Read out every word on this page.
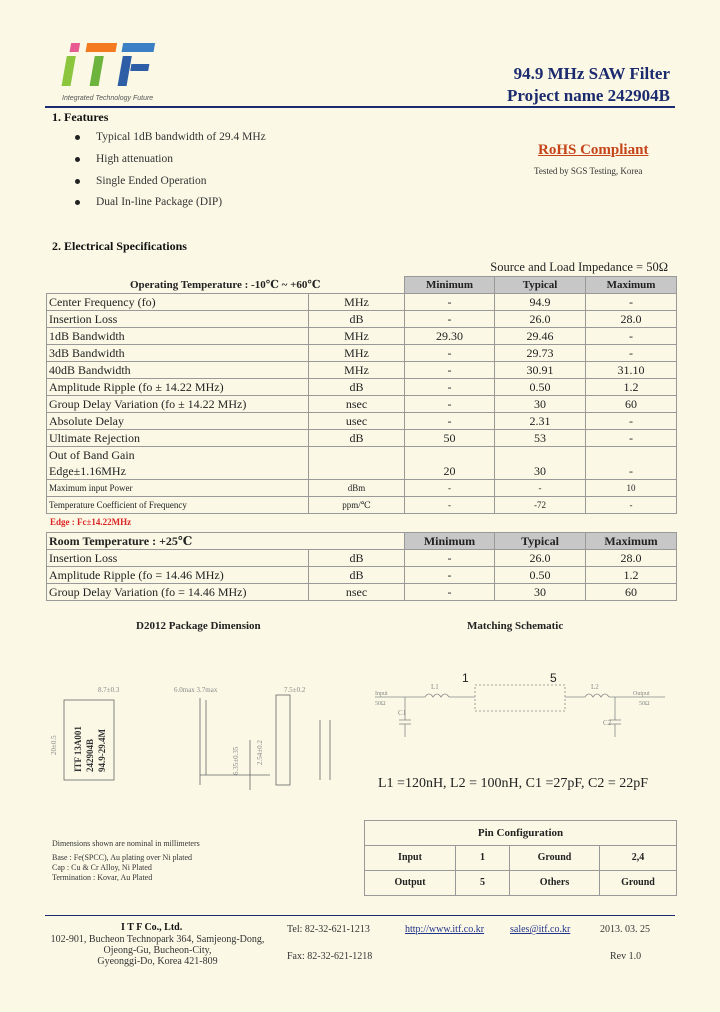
Integrated Technology Future
94.9 MHz SAW Filter
Project name 242904B
1. Features
Typical 1dB bandwidth of 29.4 MHz
High attenuation
Single Ended Operation
Dual In-line Package (DIP)
RoHS Compliant
Tested by SGS Testing, Korea
2. Electrical Specifications
Source and Load Impedance = 50Ω
Operating Temperature : -10℃ ~ +60℃		Minimum	Typical	Maximum
Center Frequency (fo)	MHz	-	94.9	-
Insertion Loss	dB	-	26.0	28.0
1dB Bandwidth	MHz	29.30	29.46	-
3dB Bandwidth	MHz	-	29.73	-
40dB Bandwidth	MHz	-	30.91	31.10
Amplitude Ripple (fo ± 14.22 MHz)	dB	-	0.50	1.2
Group Delay Variation (fo ± 14.22 MHz)	nsec	-	30	60
Absolute Delay	usec	-	2.31	-
Ultimate Rejection	dB	50	53	-
Out of Band Gain
Edge±1.16MHz		20	30	-
Maximum input Power	dBm	-	-	10
Temperature Coefficient of Frequency	ppm/℃	-	-72	-
Edge : Fc±14.22MHz
Room Temperature : +25℃		Minimum	Typical	Maximum
Insertion Loss	dB	-	26.0	28.0
Amplitude Ripple (fo = 14.46 MHz)	dB	-	0.50	1.2
Group Delay Variation (fo = 14.46 MHz)	nsec	-	30	60
D2012 Package Dimension
8.7±0.3	6.0max 3.7max	7.5±0.2
20±0.5
6.35±0.35 2.54±0.2
ITF 13A001 242904B 94.9-29.4M
Dimensions shown are nominal in millimeters
Base : Fe(SPCC), Au plating over Ni plated
Cap : Cu & Cr Alloy, Ni Plated
Termination : Kovar, Au Plated
Matching Schematic
1	5
Input
50Ω
Output
50Ω
L1	L2
C1
C2
L1 =120nH, L2 = 100nH, C1 =27pF, C2 = 22pF
Pin Configuration			
Input	1	Ground	2,4
Output	5	Others	Ground
I T F Co., Ltd.
102-901, Bucheon Technopark 364, Samjeong-Dong,
Ojeong-Gu, Bucheon-City,
Gyeonggi-Do, Korea 421-809
Tel: 82-32-621-1213
Fax: 82-32-621-1218
http://www.itf.co.kr	sales@itf.co.kr	2013. 03. 25
Rev 1.0
